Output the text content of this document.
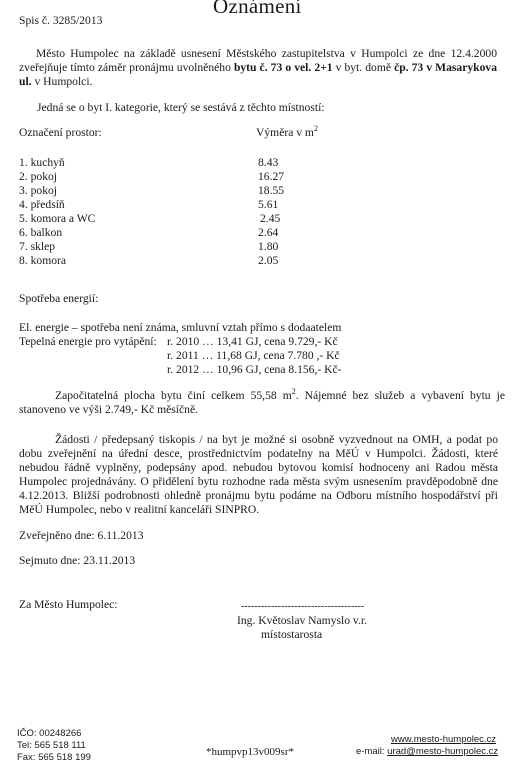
Oznámení
Spis č. 3285/2013
Město Humpolec na základě usnesení Městského zastupitelstva v Humpolci ze dne 12.4.2000 zveřejňuje tímto záměr pronájmu uvolněného bytu č. 73 o vel. 2+1 v byt. domě čp. 73 v Masarykova ul. v Humpolci.
Jedná se o byt I. kategorie, který se sestává z těchto místností:
Označení prostor:	Výměra v $m^2$
1. kuchyň	8.43
2. pokoj	16.27
3. pokoj	18.55
4. předsíň	5.61
5. komora a WC	2.45
6. balkon	2.64
7. sklep	1.80
8. komora	2.05
Spotřeba energií:
El. energie – spotřeba není známa, smluvní vztah přímo s dodaatelem
Tepelná energie pro vytápění: r. 2010 … 13,41 GJ, cena 9.729,- Kč
r. 2011 … 11,68 GJ, cena 7.780 ,- Kč
r. 2012 … 10,96 GJ, cena 8.156,- Kč-
Započitatelná plocha bytu činí celkem 55,58 $m^2$. Nájemné bez služeb a vybavení bytu je stanoveno ve výši 2.749,- Kč měsíčně.
Žádosti / předepsaný tiskopis / na byt je možné si osobně vyzvednout na OMH, a podat po dobu zveřejnění na úřední desce, prostřednictvím podatelny na MěÚ v Humpolci. Žádosti, které nebudou řádně vyplněny, podepsány apod. nebudou bytovou komisí hodnoceny ani Radou města Humpolec projednávány. O přidělení bytu rozhodne rada města svým usnesením pravděpodobně dne 4.12.2013. Bližší podrobnosti ohledně pronájmu bytu podáme na Odboru místního hospodářství při MěÚ Humpolec, nebo v realitní kanceláři SINPRO.
Zveřejněno dne: 6.11.2013
Sejmuto dne: 23.11.2013
Za Město Humpolec:	-------------------------------------
Ing. Květoslav Namyslo v.r.
místostarosta
IČO: 00248266
Tel: 565 518 111
Fax: 565 518 199	*humpvp13v009sr*
www.mesto-humpolec.cz
e-mail: urad@mesto-humpolec.cz
